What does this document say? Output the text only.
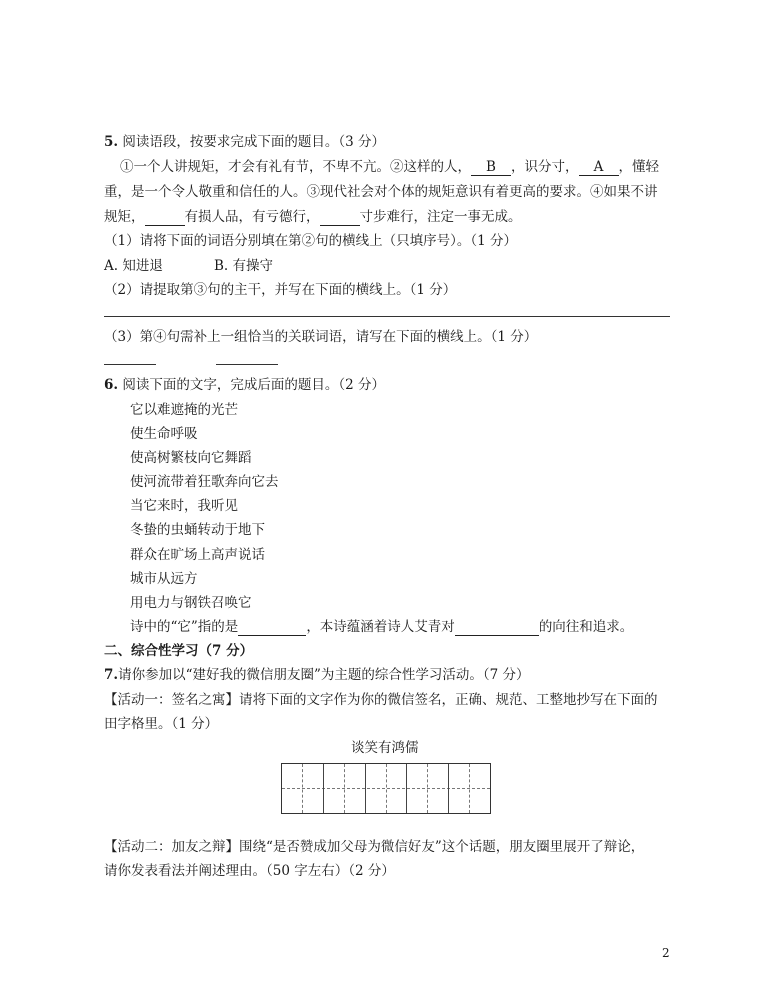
5. 阅读语段，按要求完成下面的题目。（3 分）
①一个人讲规矩，才会有礼有节，不卑不亢。②这样的人， B ，识分寸， A ，懂轻
重，是一个令人敬重和信任的人。③现代社会对个体的规矩意识有着更高的要求。④如果不讲
规矩，	有损人品，有亏德行，	寸步难行，注定一事无成。
（1）请将下面的词语分别填在第②句的横线上（只填序号）。（1 分）
A. 知进退	B. 有操守
（2）请提取第③句的主干，并写在下面的横线上。（1 分）
（3）第④句需补上一组恰当的关联词语，请写在下面的横线上。（1 分）
6. 阅读下面的文字，完成后面的题目。（2 分）
它以难遮掩的光芒
使生命呼吸
使高树繁枝向它舞蹈
使河流带着狂歌奔向它去
当它来时，我听见
冬蛰的虫蛹转动于地下
群众在旷场上高声说话
城市从远方
用电力与钢铁召唤它
诗中的“它”指的是	，本诗蕴涵着诗人艾青对	的向往和追求。
二、综合性学习（7 分）
7.请你参加以“建好我的微信朋友圈”为主题的综合性学习活动。（7 分）
【活动一：签名之寓】请将下面的文字作为你的微信签名，正确、规范、工整地抄写在下面的
田字格里。（1 分）
谈笑有鸿儒
【活动二：加友之辩】围绕“是否赞成加父母为微信好友”这个话题，朋友圈里展开了辩论，
请你发表看法并阐述理由。（50 字左右）（2 分）
2
